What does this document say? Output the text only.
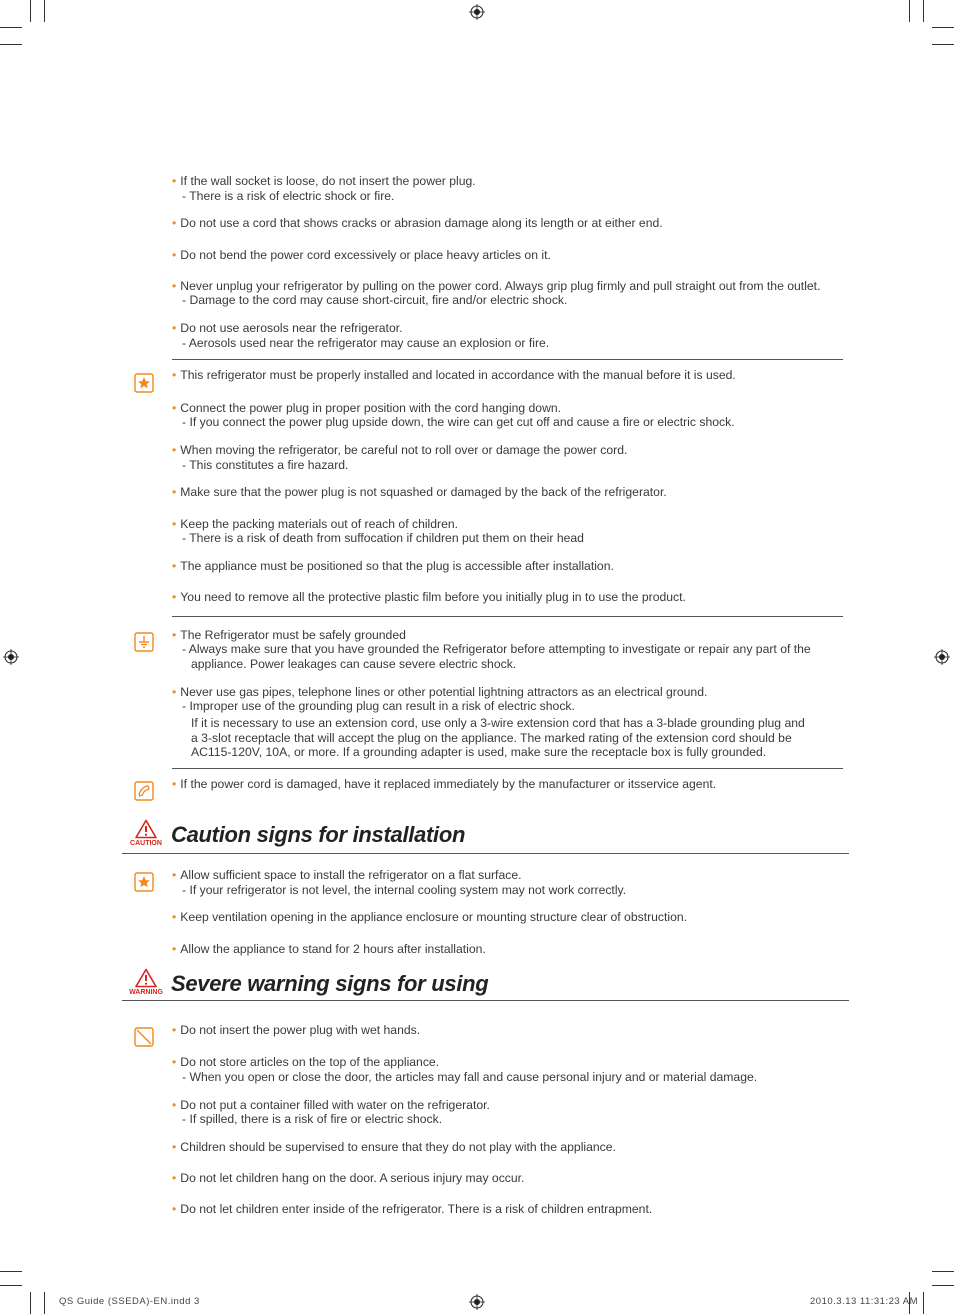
• If the wall socket is loose, do not insert the power plug.
- There is a risk of electric shock or fire.
• Do not use a cord that shows cracks or abrasion damage along its length or at either end.
• Do not bend the power cord excessively or place heavy articles on it.
• Never unplug your refrigerator by pulling on the power cord. Always grip plug firmly and pull straight out from the outlet.
- Damage to the cord may cause short-circuit, fire and/or electric shock.
• Do not use aerosols near the refrigerator.
- Aerosols used near the refrigerator may cause an explosion or fire.
• This refrigerator must be properly installed and located in accordance with the manual before it is used.
• Connect the power plug in proper position with the cord hanging down.
- If you connect the power plug upside down, the wire can get cut off and cause a fire or electric shock.
• When moving the refrigerator, be careful not to roll over or damage the power cord.
- This constitutes a fire hazard.
• Make sure that the power plug is not squashed or damaged by the back of the refrigerator.
• Keep the packing materials out of reach of children.
- There is a risk of death from suffocation if children put them on their head
• The appliance must be positioned so that the plug is accessible after installation.
• You need to remove all the protective plastic film before you initially plug in to use the product.
• The Refrigerator must be safely grounded
- Always make sure that you have grounded the Refrigerator before attempting to investigate or repair any part of the
appliance. Power leakages can cause severe electric shock.
• Never use gas pipes, telephone lines or other potential lightning attractors as an electrical ground.
- Improper use of the grounding plug can result in a risk of electric shock.
If it is necessary to use an extension cord, use only a 3-wire extension cord that has a 3-blade grounding plug and
a 3-slot receptacle that will accept the plug on the appliance. The marked rating of the extension cord should be
AC115-120V, 10A, or more. If a grounding adapter is used, make sure the receptacle box is fully grounded.
• If the power cord is damaged, have it replaced immediately by the manufacturer or itsservice agent.
CAUTION Caution signs for installation
• Allow sufficient space to install the refrigerator on a flat surface.
- If your refrigerator is not level, the internal cooling system may not work correctly.
• Keep ventilation opening in the appliance enclosure or mounting structure clear of obstruction.
• Allow the appliance to stand for 2 hours after installation.
WARNING Severe warning signs for using
• Do not insert the power plug with wet hands.
• Do not store articles on the top of the appliance.
- When you open or close the door, the articles may fall and cause personal injury and or material damage.
• Do not put a container filled with water on the refrigerator.
- If spilled, there is a risk of fire or electric shock.
• Children should be supervised to ensure that they do not play with the appliance.
• Do not let children hang on the door. A serious injury may occur.
• Do not let children enter inside of the refrigerator. There is a risk of children entrapment.
QS Guide (SSEDA)-EN.indd 3	2010.3.13 11:31:23 AM
